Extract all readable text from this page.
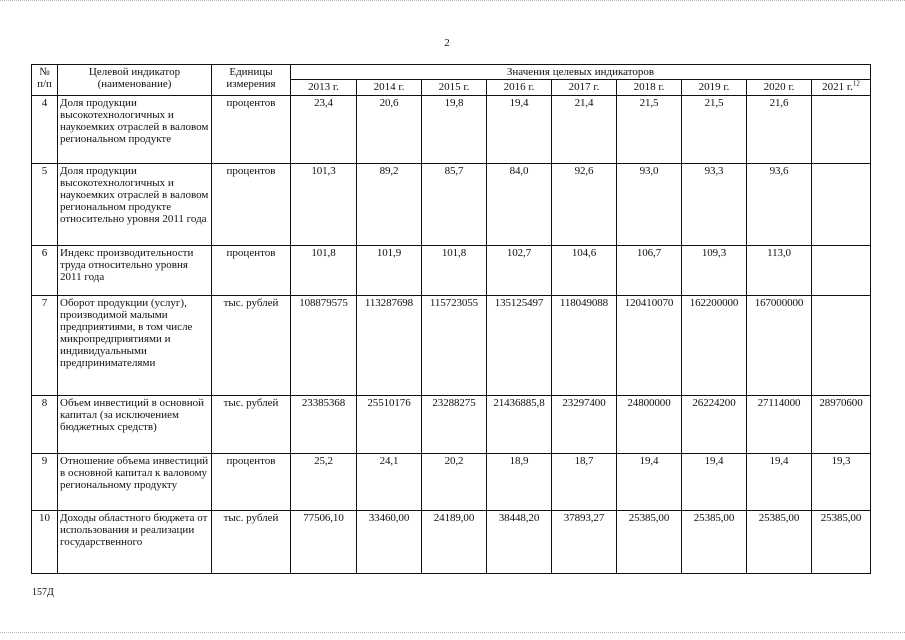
2
№ п/п	Целевой индикатор (наименование)	Единицы измерения	Значения целевых индикаторов								
			2013 г.	2014 г.	2015 г.	2016 г.	2017 г.	2018 г.	2019 г.	2020 г.	2021 г.$^{12}$
4	Доля продукции высокотехнологичных и наукоемких отраслей в валовом региональном продукте	процентов	23,4	20,6	19,8	19,4	21,4	21,5	21,5	21,6	
5	Доля продукции высокотехнологичных и наукоемких отраслей в валовом региональном продукте относительно уровня 2011 года	процентов	101,3	89,2	85,7	84,0	92,6	93,0	93,3	93,6	
6	Индекс производительности труда относительно уровня 2011 года	процентов	101,8	101,9	101,8	102,7	104,6	106,7	109,3	113,0	
7	Оборот продукции (услуг), производимой малыми предприятиями, в том числе микропредприятиями и индивидуальными предпринимателями	тыс. рублей	108879575	113287698	115723055	135125497	118049088	120410070	162200000	167000000	
8	Объем инвестиций в основной капитал (за исключением бюджетных средств)	тыс. рублей	23385368	25510176	23288275	21436885,8	23297400	24800000	26224200	27114000	28970600
9	Отношение объема инвестиций в основной капитал к валовому региональному продукту	процентов	25,2	24,1	20,2	18,9	18,7	19,4	19,4	19,4	19,3
10	Доходы областного бюджета от использования и реализации государственного	тыс. рублей	77506,10	33460,00	24189,00	38448,20	37893,27	25385,00	25385,00	25385,00	25385,00
157Д
